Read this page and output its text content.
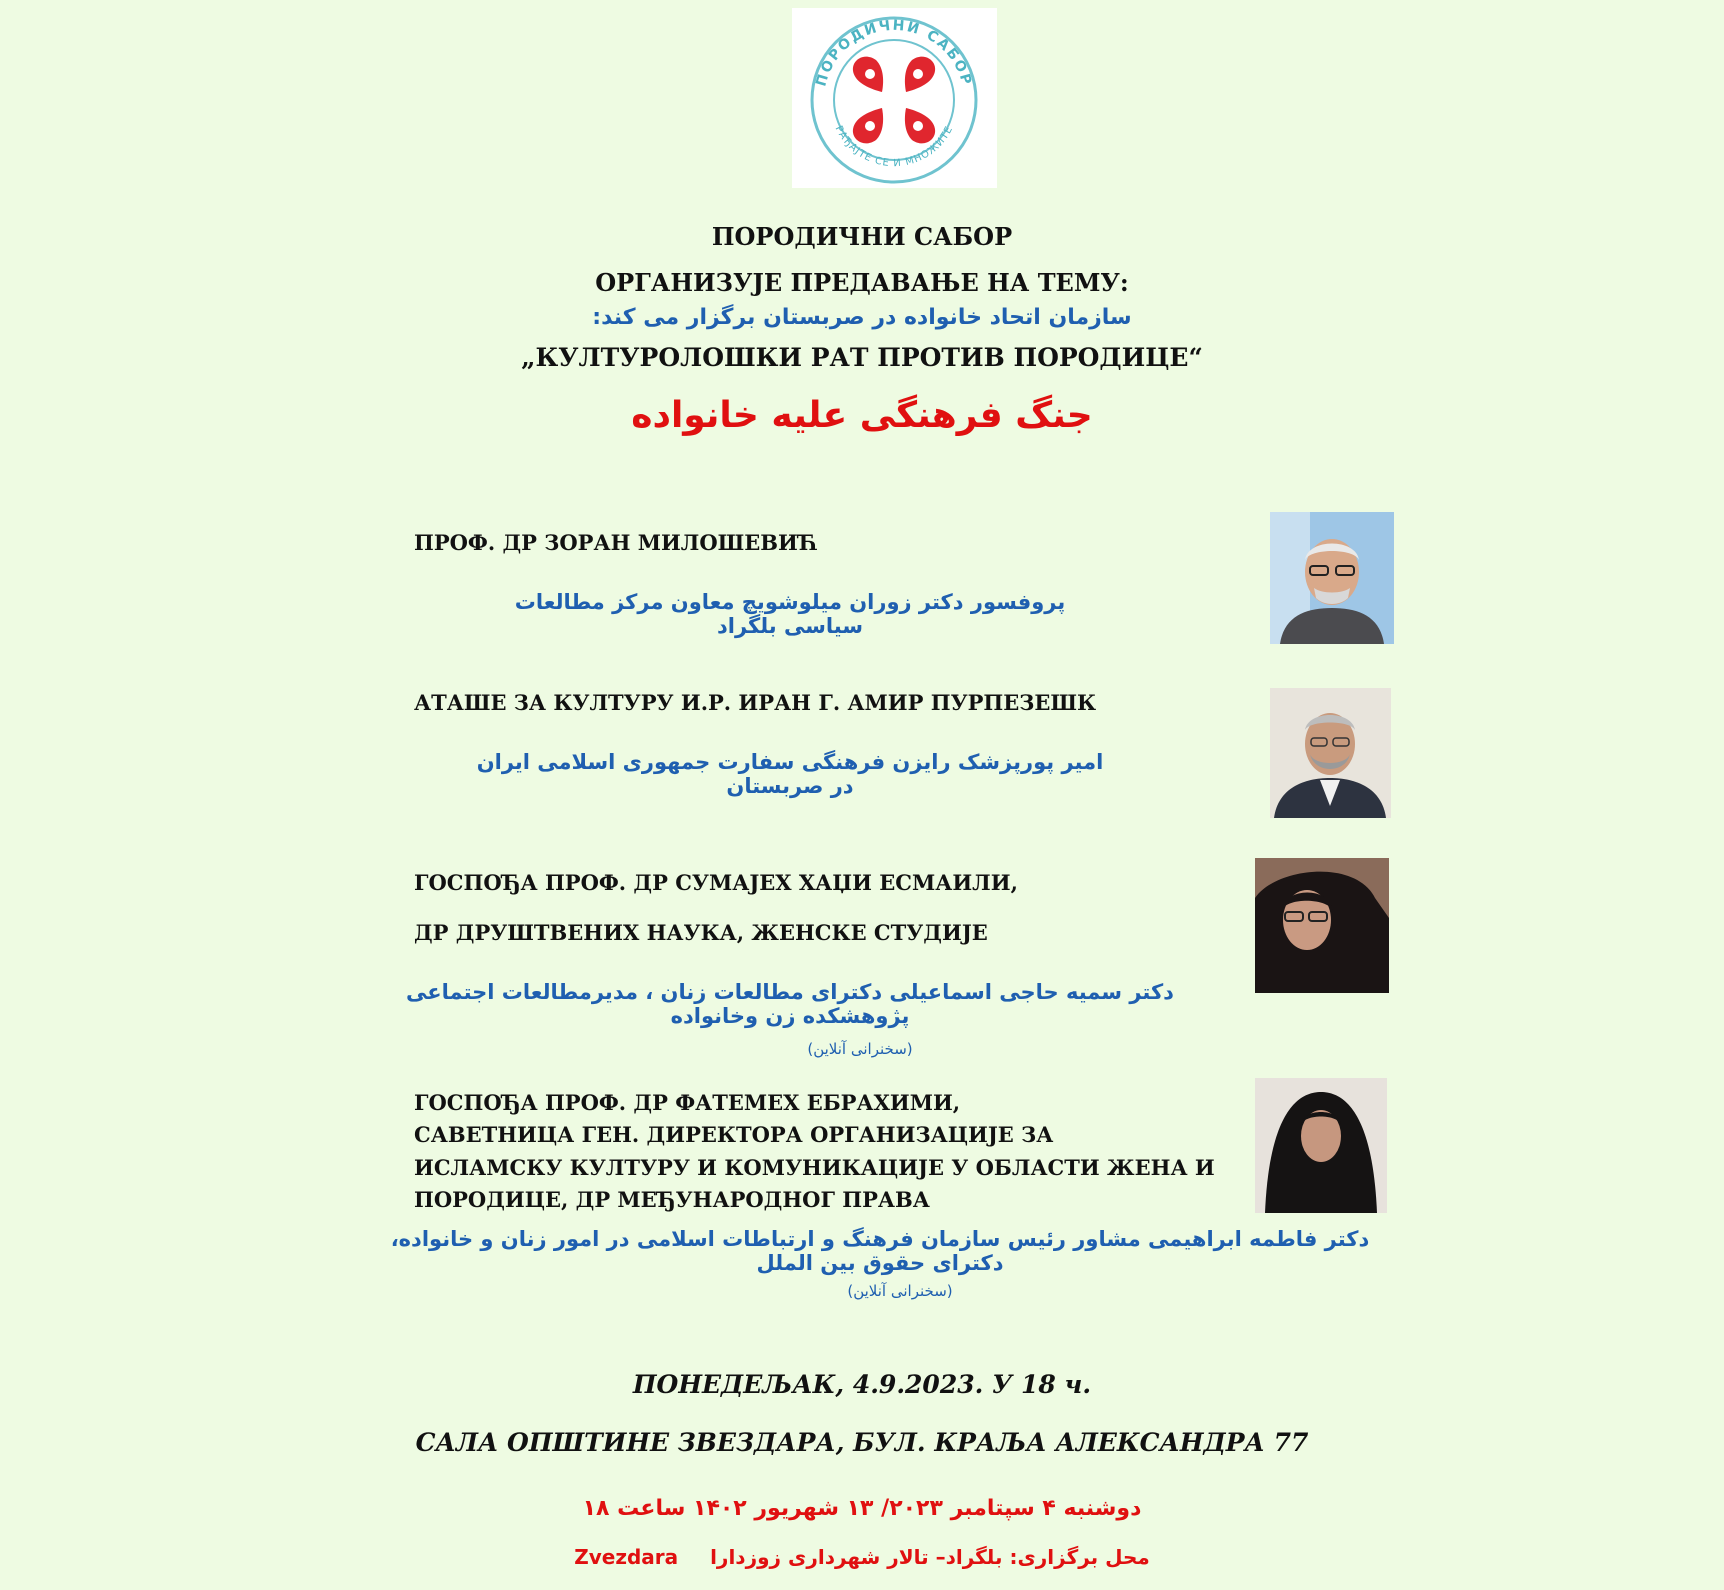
ПОРОДИЧНИ САБОР
РАЂАЈТЕ СЕ И МНОЖИТЕ
ПОРОДИЧНИ САБОР
ОРГАНИЗУЈЕ ПРЕДАВАЊЕ НА ТЕМУ:
سازمان اتحاد خانواده در صربستان برگزار می کند:
„КУЛТУРОЛОШКИ РАТ ПРОТИВ ПОРОДИЦЕ“
جنگ فرهنگی علیه خانواده
ПРОФ. ДР ЗОРАН МИЛОШЕВИЋ
پروفسور دکتر زوران میلوشویچ معاون مرکز مطالعات سیاسی بلگراد
АТАШЕ ЗА КУЛТУРУ И.Р. ИРАН Г. АМИР ПУРПЕЗЕШК
امیر پورپزشک رایزن فرهنگی سفارت جمهوری اسلامی ایران در صربستان
ГОСПОЂА ПРОФ. ДР СУМАЈЕХ ХАЏИ ЕСМАИЛИ,
ДР ДРУШТВЕНИХ НАУКА, ЖЕНСКЕ СТУДИЈЕ
دکتر سمیه حاجی اسماعیلی دکترای مطالعات زنان ، مدیرمطالعات اجتماعی پژوهشکده زن وخانواده
(سخنرانی آنلاین)
ГОСПОЂА ПРОФ. ДР ФАТЕМЕХ ЕБРАХИМИ,
САВЕТНИЦА ГЕН. ДИРЕКТОРА ОРГАНИЗАЦИЈЕ ЗА
ИСЛАМСКУ КУЛТУРУ И КОМУНИКАЦИЈЕ У ОБЛАСТИ ЖЕНА И
ПОРОДИЦЕ, ДР МЕЂУНАРОДНОГ ПРАВА
دکتر فاطمه ابراهیمی مشاور رئیس سازمان فرهنگ و ارتباطات اسلامی در امور زنان و خانواده، دکترای حقوق بین الملل
(سخنرانی آنلاین)
ПОНЕДЕЉАК, 4.9.2023. У 18 ч.
САЛА ОПШТИНЕ ЗВЕЗДАРА, БУЛ. КРАЉА АЛЕКСАНДРА 77
دوشنبه ۴ سپتامبر ۲۰۲۳/ ۱۳ شهریور ۱۴۰۲ ساعت ۱۸
Zvezdara محل برگزاری: بلگراد– تالار شهرداری زوزدارا
